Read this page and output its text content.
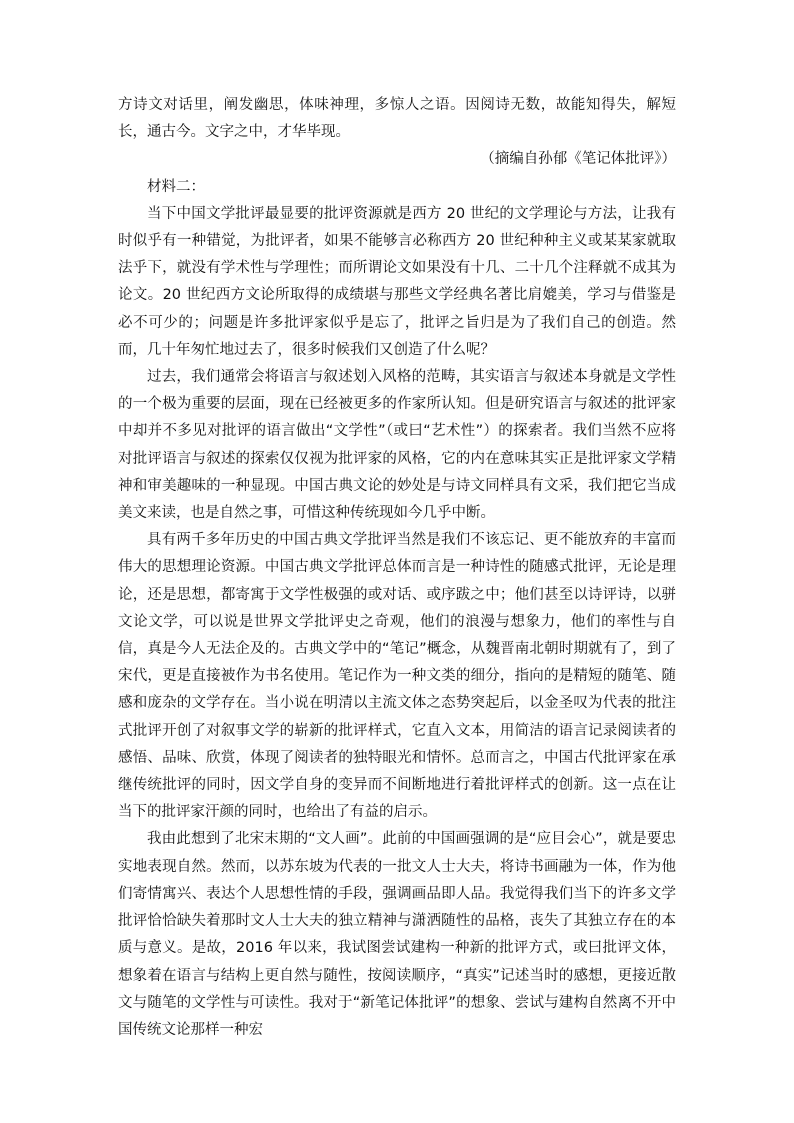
方诗文对话里，阐发幽思，体味神理，多惊人之语。因阅诗无数，故能知得失，解短长，通古今。文字之中，才华毕现。

（摘编自孙郁《笔记体批评》）

材料二：

当下中国文学批评最显要的批评资源就是西方 20 世纪的文学理论与方法，让我有时似乎有一种错觉，为批评者，如果不能够言必称西方 20 世纪种种主义或某某家就取法乎下，就没有学术性与学理性；而所谓论文如果没有十几、二十几个注释就不成其为论文。20 世纪西方文论所取得的成绩堪与那些文学经典名著比肩媲美，学习与借鉴是必不可少的；问题是许多批评家似乎是忘了，批评之旨归是为了我们自己的创造。然而，几十年匆忙地过去了，很多时候我们又创造了什么呢？

过去，我们通常会将语言与叙述划入风格的范畴，其实语言与叙述本身就是文学性的一个极为重要的层面，现在已经被更多的作家所认知。但是研究语言与叙述的批评家中却并不多见对批评的语言做出“文学性”（或曰“艺术性”）的探索者。我们当然不应将对批评语言与叙述的探索仅仅视为批评家的风格，它的内在意味其实正是批评家文学精神和审美趣味的一种显现。中国古典文论的妙处是与诗文同样具有文采，我们把它当成美文来读，也是自然之事，可惜这种传统现如今几乎中断。

具有两千多年历史的中国古典文学批评当然是我们不该忘记、更不能放弃的丰富而伟大的思想理论资源。中国古典文学批评总体而言是一种诗性的随感式批评，无论是理论，还是思想，都寄寓于文学性极强的或对话、或序跋之中；他们甚至以诗评诗，以骈文论文学，可以说是世界文学批评史之奇观，他们的浪漫与想象力，他们的率性与自信，真是今人无法企及的。古典文学中的“笔记”概念，从魏晋南北朝时期就有了，到了宋代，更是直接被作为书名使用。笔记作为一种文类的细分，指向的是精短的随笔、随感和庞杂的文学存在。当小说在明清以主流文体之态势突起后，以金圣叹为代表的批注式批评开创了对叙事文学的崭新的批评样式，它直入文本，用简洁的语言记录阅读者的感悟、品味、欣赏，体现了阅读者的独特眼光和情怀。总而言之，中国古代批评家在承继传统批评的同时，因文学自身的变异而不间断地进行着批评样式的创新。这一点在让当下的批评家汗颜的同时，也给出了有益的启示。

我由此想到了北宋末期的“文人画”。此前的中国画强调的是“应目会心”，就是要忠实地表现自然。然而，以苏东坡为代表的一批文人士大夫，将诗书画融为一体，作为他们寄情寓兴、表达个人思想性情的手段，强调画品即人品。我觉得我们当下的许多文学批评恰恰缺失着那时文人士大夫的独立精神与潇洒随性的品格，丧失了其独立存在的本质与意义。是故，2016 年以来，我试图尝试建构一种新的批评方式，或曰批评文体，想象着在语言与结构上更自然与随性，按阅读顺序，“真实”记述当时的感想，更接近散文与随笔的文学性与可读性。我对于“新笔记体批评”的想象、尝试与建构自然离不开中国传统文论那样一种宏
